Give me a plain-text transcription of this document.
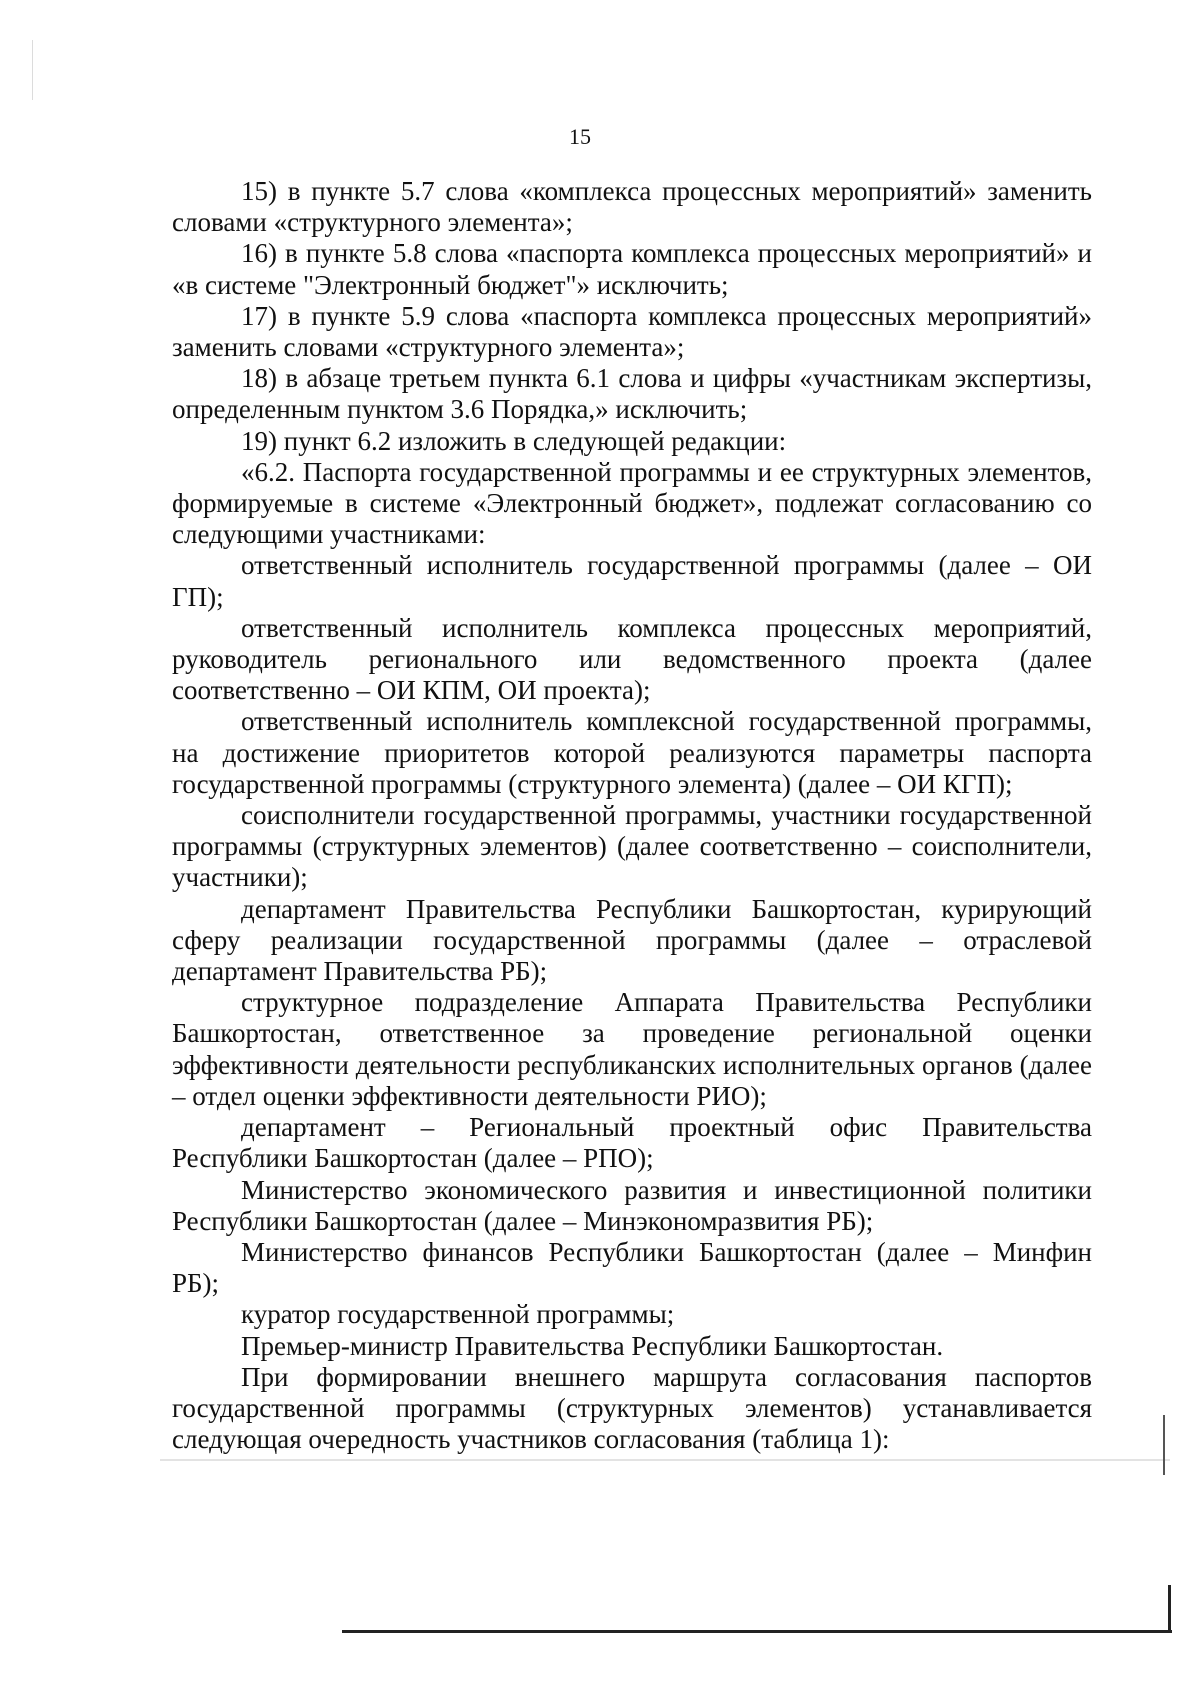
15

15) в пункте 5.7 слова «комплекса процессных мероприятий» заменить словами «структурного элемента»;

16) в пункте 5.8 слова «паспорта комплекса процессных мероприятий» и «в системе "Электронный бюджет"» исключить;

17) в пункте 5.9 слова «паспорта комплекса процессных мероприятий» заменить словами «структурного элемента»;

18) в абзаце третьем пункта 6.1 слова и цифры «участникам экспертизы, определенным пунктом 3.6 Порядка,» исключить;

19) пункт 6.2 изложить в следующей редакции:

«6.2. Паспорта государственной программы и ее структурных элементов, формируемые в системе «Электронный бюджет», подлежат согласованию со следующими участниками:

ответственный исполнитель государственной программы (далее – ОИ ГП);

ответственный исполнитель комплекса процессных мероприятий, руководитель регионального или ведомственного проекта (далее соответственно – ОИ КПМ, ОИ проекта);

ответственный исполнитель комплексной государственной программы, на достижение приоритетов которой реализуются параметры паспорта государственной программы (структурного элемента) (далее – ОИ КГП);

соисполнители государственной программы, участники государственной программы (структурных элементов) (далее соответственно – соисполнители, участники);

департамент Правительства Республики Башкортостан, курирующий сферу реализации государственной программы (далее – отраслевой департамент Правительства РБ);

структурное подразделение Аппарата Правительства Республики Башкортостан, ответственное за проведение региональной оценки эффективности деятельности республиканских исполнительных органов (далее – отдел оценки эффективности деятельности РИО);

департамент – Региональный проектный офис Правительства Республики Башкортостан (далее – РПО);

Министерство экономического развития и инвестиционной политики Республики Башкортостан (далее – Минэкономразвития РБ);

Министерство финансов Республики Башкортостан (далее – Минфин РБ);

куратор государственной программы;

Премьер-министр Правительства Республики Башкортостан.

При формировании внешнего маршрута согласования паспортов государственной программы (структурных элементов) устанавливается следующая очередность участников согласования (таблица 1):
